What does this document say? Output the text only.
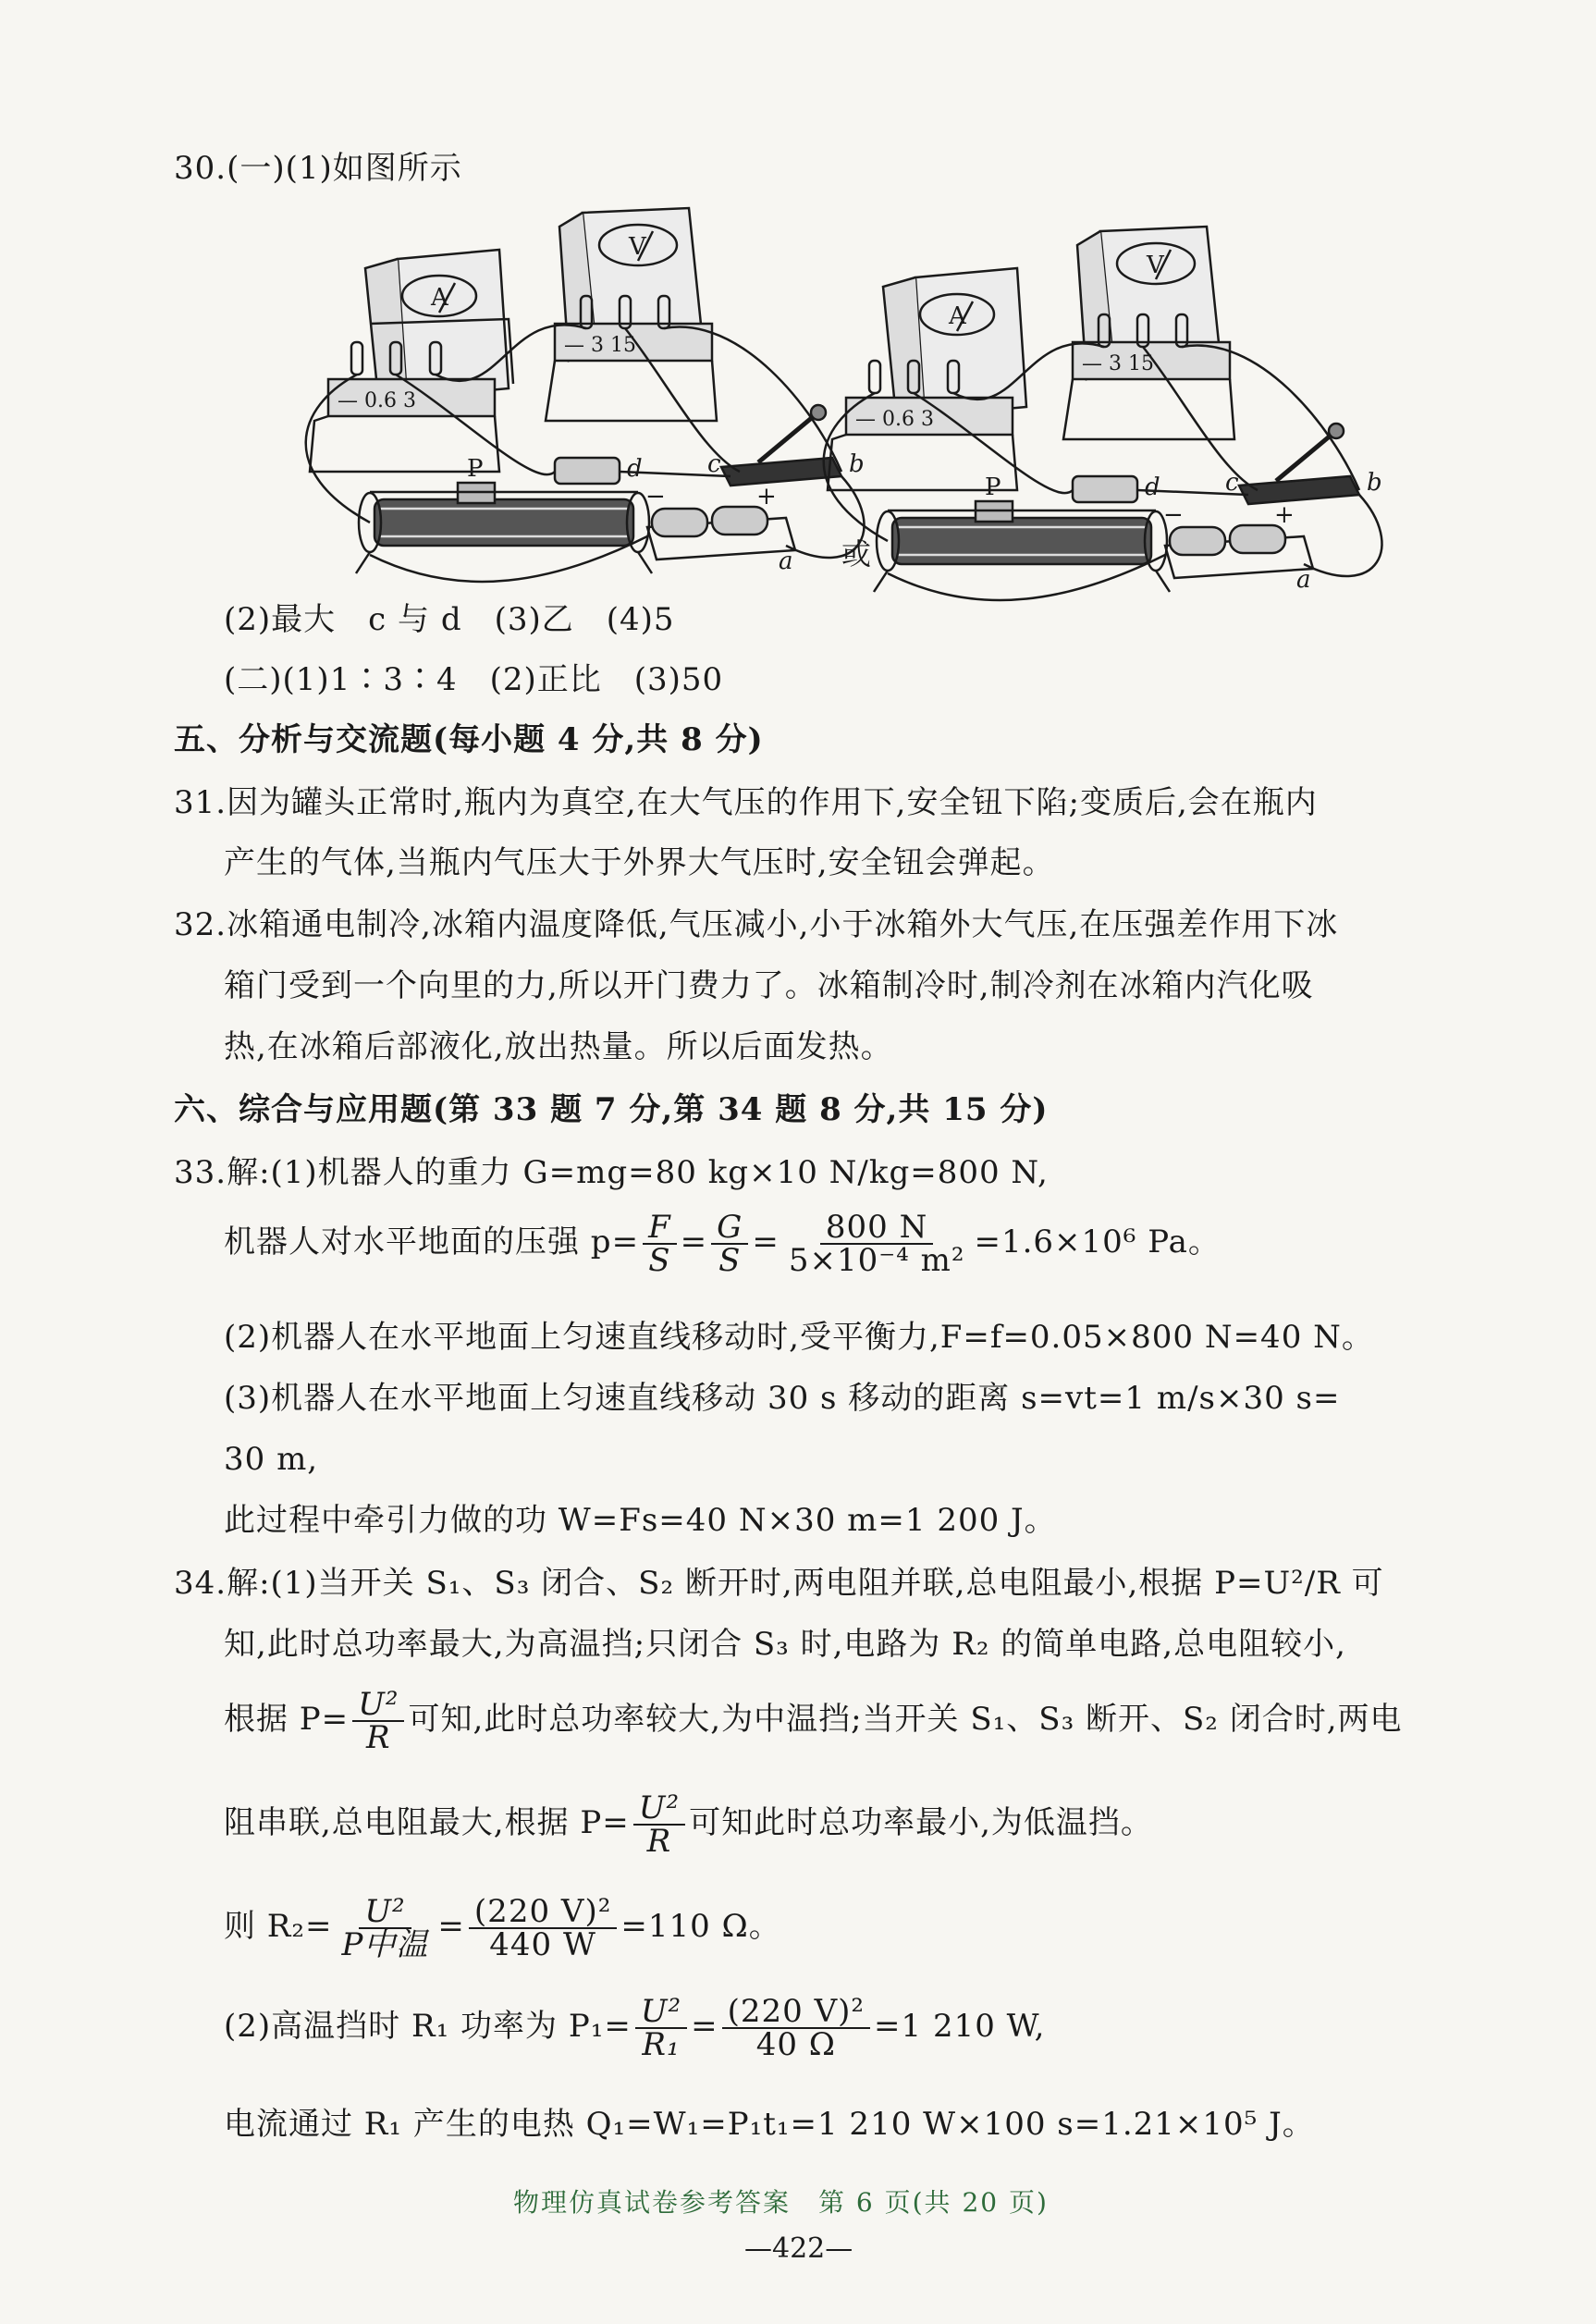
30.(一)(1)如图所示
A
— 0.6 3
V
— 3 15
P	d	c	b
a
−	+
或
A
— 0.6 3
V
— 3 15
P	d	c	b
a
−	+
(2)最大　c 与 d　(3)乙　(4)5
(二)(1)1∶3∶4　(2)正比　(3)50
五、分析与交流题(每小题 4 分,共 8 分)
31.因为罐头正常时,瓶内为真空,在大气压的作用下,安全钮下陷;变质后,会在瓶内
产生的气体,当瓶内气压大于外界大气压时,安全钮会弹起。
32.冰箱通电制冷,冰箱内温度降低,气压减小,小于冰箱外大气压,在压强差作用下冰
箱门受到一个向里的力,所以开门费力了。冰箱制冷时,制冷剂在冰箱内汽化吸
热,在冰箱后部液化,放出热量。所以后面发热。
六、综合与应用题(第 33 题 7 分,第 34 题 8 分,共 15 分)
33.解:(1)机器人的重力 G=mg=80 kg×10 N/kg=800 N,
机器人对水平地面的压强 $p= \frac{F}{S} = \frac{G}{S} = \frac{800 N}{\text{5×10⁻⁴ m²}} =1.6\times 10^6$ Pa。
(2)机器人在水平地面上匀速直线移动时,受平衡力,F=f=0.05×800 N=40 N。
(3)机器人在水平地面上匀速直线移动 30 s 移动的距离 s=vt=1 m/s×30 s=
30 m,
此过程中牵引力做的功 W=Fs=40 N×30 m=1 200 J。
34.解:(1)当开关 S₁、S₃ 闭合、S₂ 断开时,两电阻并联,总电阻最小,根据 P=U²/R 可
知,此时总功率最大,为高温挡;只闭合 S₃ 时,电路为 R₂ 的简单电路,总电阻较小,
根据 $P= \frac{\text{U²}}{R}$ 可知,此时总功率较大,为中温挡;当开关 S₁、S₃ 断开、S₂ 闭合时,两电
阻串联,总电阻最大,根据 $P= \frac{\text{U²}}{R}$ 可知此时总功率最小,为低温挡。
则 $R_2= \frac{\text{U²}}{\text{P中温}} = \frac{\text{(220 V)²}}{440 W} =110$ Ω。
(2)高温挡时 R₁ 功率为 $P_1= \frac{\text{U²}}{\text{R₁}} = \frac{\text{(220 V)²}}{40 \Omega} =1$ 210 W,
电流通过 R₁ 产生的电热 Q₁=W₁=P₁t₁=1 210 W×100 s=1.21×10⁵ J。
物理仿真试卷参考答案　第 6 页(共 20 页)
—422—
